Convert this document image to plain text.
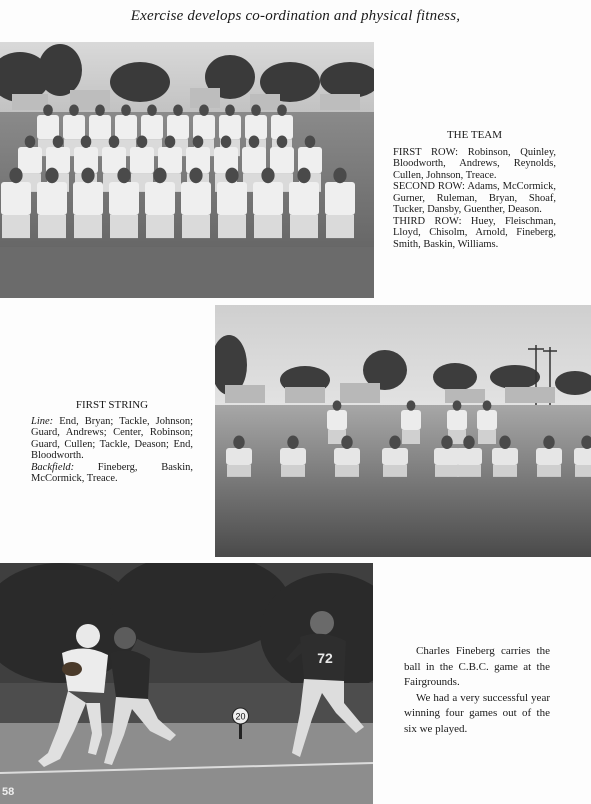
Exercise develops co-ordination and physical fitness,
THE TEAM

FIRST ROW: Robinson, Quinley, Bloodworth, Andrews, Reynolds, Cullen, Johnson, Treace.

SECOND ROW: Adams, McCormick, Gurner, Ruleman, Bryan, Shoaf, Tucker, Dansby, Guenther, Deason.

THIRD ROW: Huey, Fleischman, Lloyd, Chisolm, Arnold, Fineberg, Smith, Baskin, Williams.

FIRST STRING

Line: End, Bryan; Tackle, Johnson; Guard, Andrews; Center, Robinson; Guard, Cullen; Tackle, Deason; End, Bloodworth.

Backfield: Fineberg, Baskin, McCormick, Treace.

20
72	Charles Fineberg carries the ball in the C.B.C. game at the Fairgrounds.

We had a very successful year winning four games out of the six we played.

58
